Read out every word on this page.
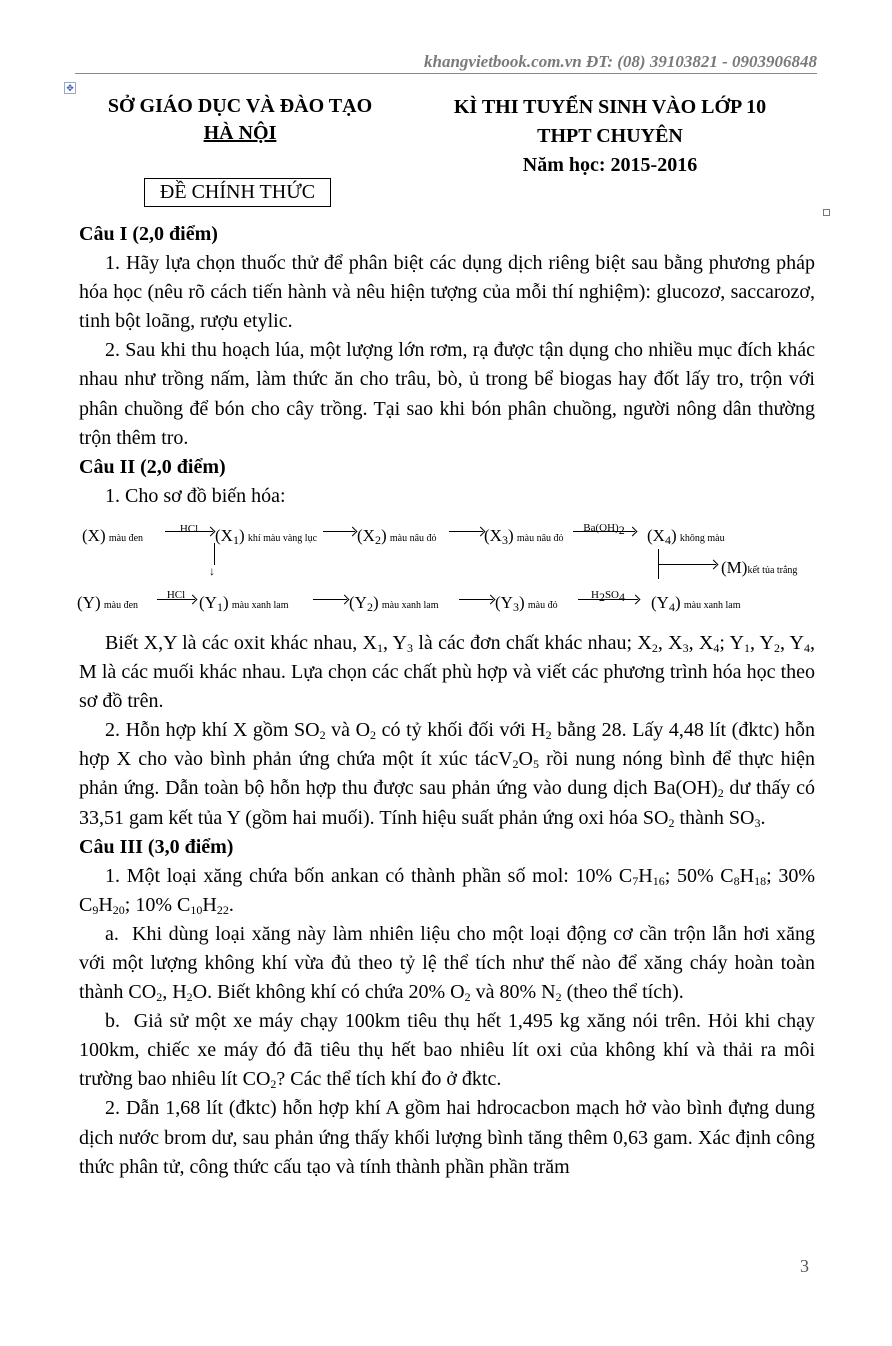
khangvietbook.com.vn ĐT: (08) 39103821 - 0903906848
✥
SỞ GIÁO DỤC VÀ ĐÀO TẠO
HÀ NỘI
KÌ THI TUYỂN SINH VÀO LỚP 10
THPT CHUYÊN
Năm học: 2015-2016
ĐỀ CHÍNH THỨC
Câu I (2,0 điểm)

1. Hãy lựa chọn thuốc thử để phân biệt các dụng dịch riêng biệt sau bằng phương pháp hóa học (nêu rõ cách tiến hành và nêu hiện tượng của mỗi thí nghiệm): glucozơ, saccarozơ, tinh bột loãng, rượu etylic.

2. Sau khi thu hoạch lúa, một lượng lớn rơm, rạ được tận dụng cho nhiều mục đích khác nhau như trồng nấm, làm thức ăn cho trâu, bò, ủ trong bể biogas hay đốt lấy tro, trộn với phân chuồng để bón cho cây trồng. Tại sao khi bón phân chuồng, người nông dân thường trộn thêm tro.

Câu II (2,0 điểm)

1. Cho sơ đồ biến hóa:

(X) màu đen
HCl $(X_1)$ khí màu vàng lục $(X_2)$ màu nâu đỏ	$(X_3)$ màu nâu đỏ
$Ba(OH)_2$	$(X_4)$ không màu
↓	(M)kết tủa trắng
(Y) màu đen
HCl $(Y_1)$ màu xanh lam	$(Y_2)$ màu xanh lam	$(Y_3)$ màu đỏ
$H_2SO_4$	$(Y_4)$ màu xanh lam

Biết X,Y là các oxit khác nhau, $X_1$, $Y_3$ là các đơn chất khác nhau; $X_2$, $X_3$, $X_4$; $Y_1$, $Y_2$, $Y_4$, M là các muối khác nhau. Lựa chọn các chất phù hợp và viết các phương trình hóa học theo sơ đồ trên.

2. Hỗn hợp khí X gồm $SO_2$ và $O_2$ có tỷ khối đối với $H_2$ bằng 28. Lấy 4,48 lít (đktc) hỗn hợp X cho vào bình phản ứng chứa một ít xúc $tácV_2O_5$ rồi nung nóng bình để thực hiện phản ứng. Dẫn toàn bộ hỗn hợp thu được sau phản ứng vào dung dịch $Ba(OH)_2$ dư thấy có 33,51 gam kết tủa Y (gồm hai muối). Tính hiệu suất phản ứng oxi hóa $SO_2$ thành $SO_3$.

Câu III (3,0 điểm)

1. Một loại xăng chứa bốn ankan có thành phần số mol: 10% $C_7H_{16}$; 50% $C_8H_{18}$; 30% $C_9H_{20}$; 10% $C_{10}H_{22}$.

a.  Khi dùng loại xăng này làm nhiên liệu cho một loại động cơ cần trộn lẫn hơi xăng với một lượng không khí vừa đủ theo tỷ lệ thể tích như thế nào để xăng cháy hoàn toàn thành $CO_2$, $H_2O$. Biết không khí có chứa 20% $O_2$ và 80% $N_2$ (theo thể tích).

b.  Giả sử một xe máy chạy 100km tiêu thụ hết 1,495 kg xăng nói trên. Hỏi khi chạy 100km, chiếc xe máy đó đã tiêu thụ hết bao nhiêu lít oxi của không khí và thải ra môi trường bao nhiêu lít $CO_2$? Các thể tích khí đo ở đktc.

2. Dẫn 1,68 lít (đktc) hỗn hợp khí A gồm hai hdrocacbon mạch hở vào bình đựng dung dịch nước brom dư, sau phản ứng thấy khối lượng bình tăng thêm 0,63 gam. Xác định công thức phân tử, công thức cấu tạo và tính thành phần phần trăm

3
